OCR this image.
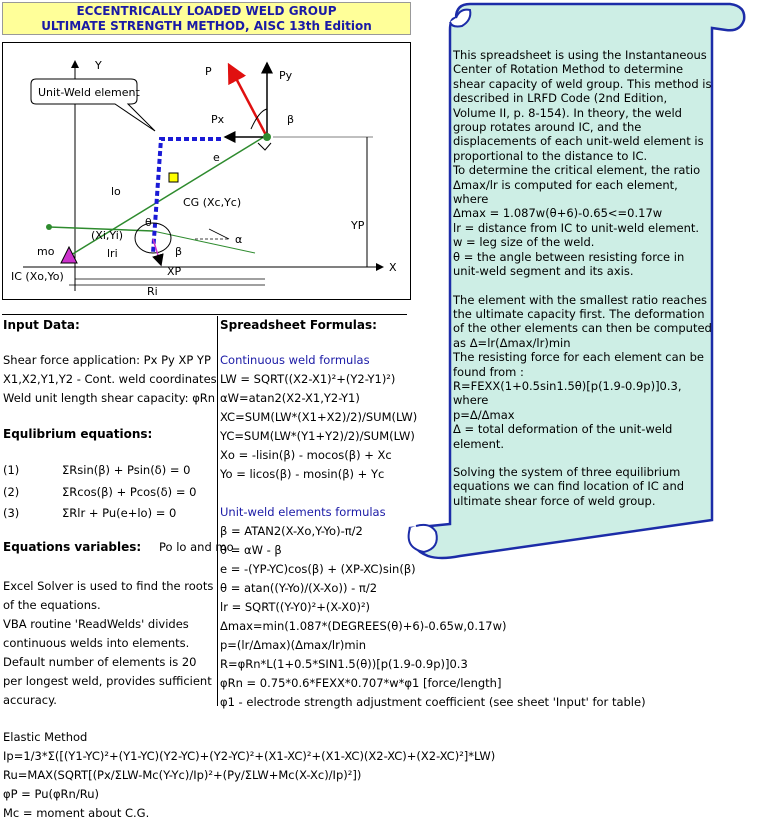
ECCENTRICALLY LOADED WELD GROUP
ULTIMATE STRENGTH METHOD, AISC 13th Edition
Y
X
Unit-Weld element
Px
Py
P
β
YP
e
CG (Xc,Yc)
lo
(Xi,Yi)
θ
β
α
mo	lri
XP
Ri
IC (Xo,Yo)

This spreadsheet is using the Instantaneous Center of Rotation Method to determine shear capacity of weld group. This method is described in LRFD Code (2nd Edition, Volume II, p. 8-154). In theory, the weld group rotates around IC, and the displacements of each unit-weld element is proportional to the distance to IC.

To determine the critical element, the ratio Δmax/lr is computed for each element, where

Δmax = 1.087w(θ+6)-0.65<=0.17w

lr = distance from IC to unit-weld element.

w = leg size of the weld.

θ = the angle between resisting force in unit-weld segment and its axis.

The element with the smallest ratio reaches the ultimate capacity first. The deformation of the other elements can then be computed as Δ=lr(Δmax/lr)min

The resisting force for each element can be found from :

R=FEXX(1+0.5sin1.5θ)[p(1.9-0.9p)]0.3, where

p=Δ/Δmax

Δ = total deformation of the unit-weld element.

Solving the system of three equilibrium equations we can find location of IC and ultimate shear force of weld group.

Input Data:
Shear force application: Px Py XP YP
X1,X2,Y1,Y2 - Cont. weld coordinates
Weld unit length shear capacity: φRn
Equlibrium equations:
(1)	ΣRsin(β) + Psin(δ) = 0
(2)	ΣRcos(β) + Pcos(δ) = 0
(3)	ΣRlr + Pu(e+lo) = 0
Equations variables: Po lo and mo
Excel Solver is used to find the roots
of the equations.
VBA routine 'ReadWelds' divides
continuous welds into elements.
Default number of elements is 20
per longest weld, provides sufficient
accuracy.
Spreadsheet Formulas:
Continuous weld formulas
LW = SQRT((X2-X1)²+(Y2-Y1)²)
αW=atan2(X2-X1,Y2-Y1)
XC=SUM(LW*(X1+X2)/2)/SUM(LW)
YC=SUM(LW*(Y1+Y2)/2)/SUM(LW)
Xo = -lisin(β) - mocos(β) + Xc
Yo = licos(β) - mosin(β) + Yc
Unit-weld elements formulas
β = ATAN2(X-Xo,Y-Yo)-π/2
θ = αW - β
e = -(YP-YC)cos(β) + (XP-XC)sin(β)
θ = atan((Y-Yo)/(X-Xo)) - π/2
lr = SQRT((Y-Y0)²+(X-X0)²)
Δmax=min(1.087*(DEGREES(θ)+6)-0.65w,0.17w)
p=(lr/Δmax)(Δmax/lr)min
R=φRn*L(1+0.5*SIN1.5(θ))[p(1.9-0.9p)]0.3
φRn = 0.75*0.6*FEXX*0.707*w*φ1 [force/length]
φ1 - electrode strength adjustment coefficient (see sheet 'Input' for table)
Elastic Method
Ip=1/3*Σ([(Y1-YC)²+(Y1-YC)(Y2-YC)+(Y2-YC)²+(X1-XC)²+(X1-XC)(X2-XC)+(X2-XC)²]*LW)
Ru=MAX(SQRT[(Px/ΣLW-Mc(Y-Yc)/Ip)²+(Py/ΣLW+Mc(X-Xc)/Ip)²])
φP = Pu(φRn/Ru)
Mc = moment about C.G.
